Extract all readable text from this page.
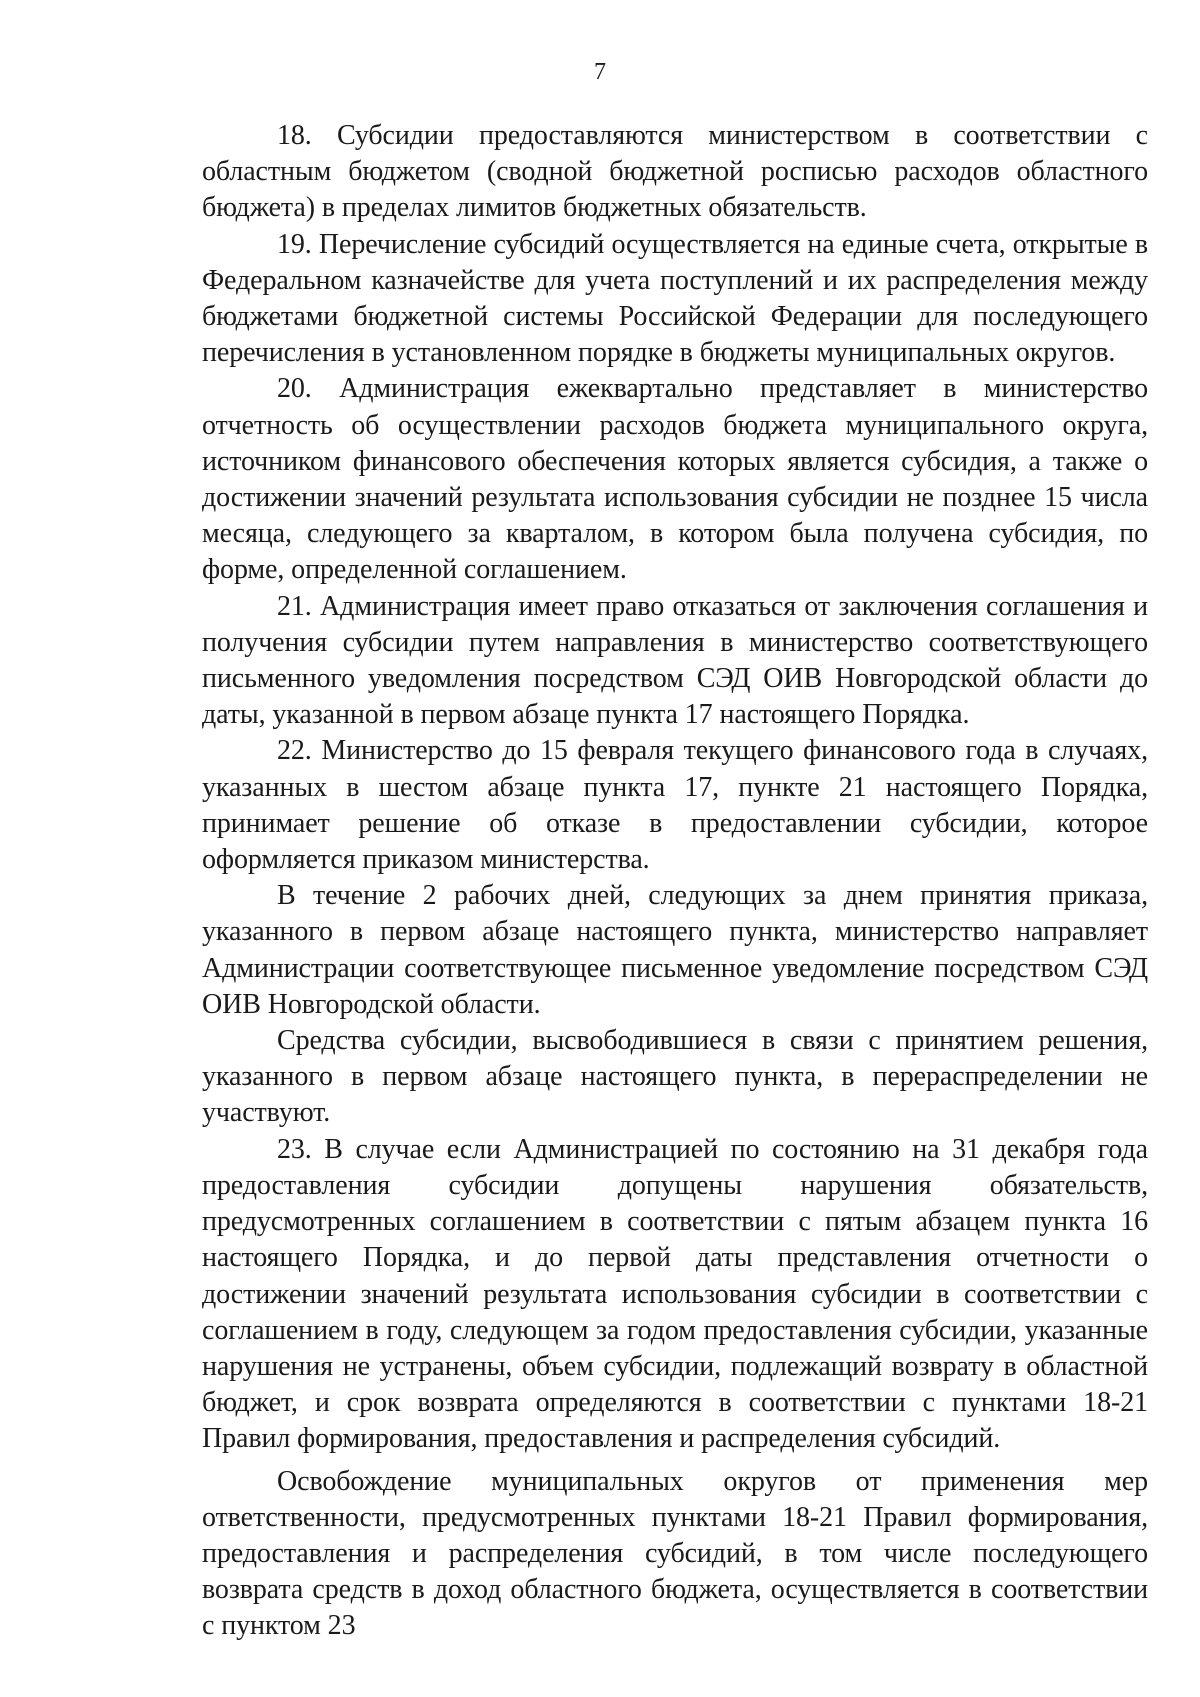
7

18. Субсидии предоставляются министерством в соответствии с областным бюджетом (сводной бюджетной росписью расходов областного бюджета) в пределах лимитов бюджетных обязательств.

19. Перечисление субсидий осуществляется на единые счета, открытые в Федеральном казначействе для учета поступлений и их распределения между бюджетами бюджетной системы Российской Федерации для последующего перечисления в установленном порядке в бюджеты муниципальных округов.

20. Администрация ежеквартально представляет в министерство отчетность об осуществлении расходов бюджета муниципального округа, источником финансового обеспечения которых является субсидия, а также о достижении значений результата использования субсидии не позднее 15 числа месяца, следующего за кварталом, в котором была получена субсидия, по форме, определенной соглашением.

21. Администрация имеет право отказаться от заключения соглашения и получения субсидии путем направления в министерство соответствующего письменного уведомления посредством СЭД ОИВ Новгородской области до даты, указанной в первом абзаце пункта 17 настоящего Порядка.

22. Министерство до 15 февраля текущего финансового года в случаях, указанных в шестом абзаце пункта 17, пункте 21 настоящего Порядка, принимает решение об отказе в предоставлении субсидии, которое оформляется приказом министерства.

В течение 2 рабочих дней, следующих за днем принятия приказа, указанного в первом абзаце настоящего пункта, министерство направляет Администрации соответствующее письменное уведомление посредством СЭД ОИВ Новгородской области.

Средства субсидии, высвободившиеся в связи с принятием решения, указанного в первом абзаце настоящего пункта, в перераспределении не участвуют.

23. В случае если Администрацией по состоянию на 31 декабря года предоставления субсидии допущены нарушения обязательств, предусмотренных соглашением в соответствии с пятым абзацем пункта 16 настоящего Порядка, и до первой даты представления отчетности о достижении значений результата использования субсидии в соответствии с соглашением в году, следующем за годом предоставления субсидии, указанные нарушения не устранены, объем субсидии, подлежащий возврату в областной бюджет, и срок возврата определяются в соответствии с пунктами 18-21 Правил формирования, предоставления и распределения субсидий.

Освобождение муниципальных округов от применения мер ответственности, предусмотренных пунктами 18-21 Правил формирования, предоставления и распределения субсидий, в том числе последующего возврата средств в доход областного бюджета, осуществляется в соответствии с пунктом 23
